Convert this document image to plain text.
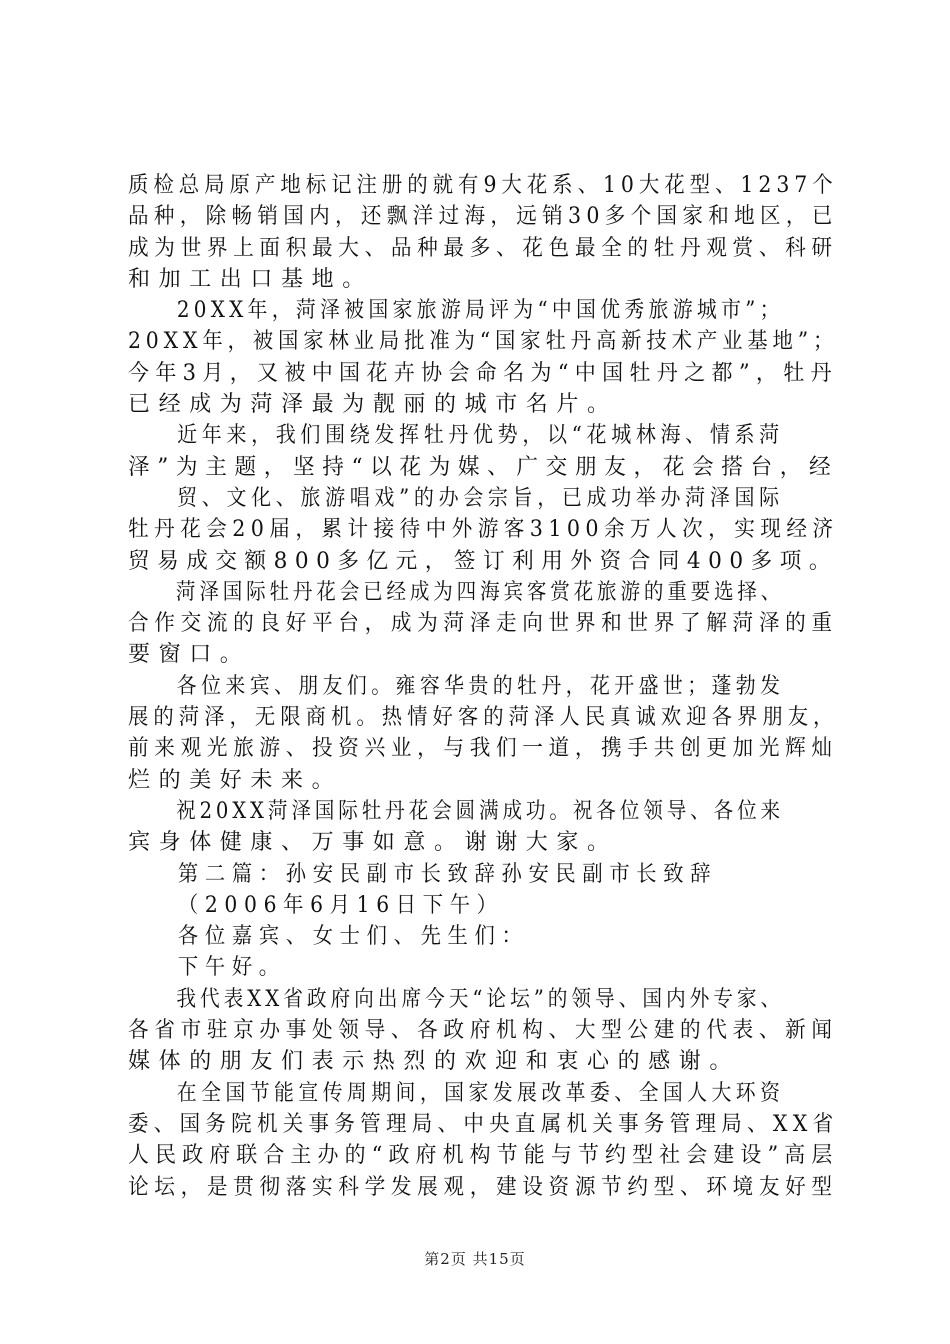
质检总局原产地标记注册的就有9大花系、10大花型、1237个
品种，除畅销国内，还飘洋过海，远销30多个国家和地区，已
成为世界上面积最大、品种最多、花色最全的牡丹观赏、科研
和加工出口基地。
20XX年，菏泽被国家旅游局评为“中国优秀旅游城市”；
20XX年，被国家林业局批准为“国家牡丹高新技术产业基地”；
今年3月，又被中国花卉协会命名为“中国牡丹之都”，牡丹
已经成为菏泽最为靓丽的城市名片。
近年来，我们围绕发挥牡丹优势，以“花城林海、情系菏
泽”为主题，坚持“以花为媒、广交朋友，花会搭台，经
贸、文化、旅游唱戏”的办会宗旨，已成功举办菏泽国际
牡丹花会20届，累计接待中外游客3100余万人次，实现经济
贸易成交额800多亿元，签订利用外资合同400多项。
菏泽国际牡丹花会已经成为四海宾客赏花旅游的重要选择、
合作交流的良好平台，成为菏泽走向世界和世界了解菏泽的重
要窗口。
各位来宾、朋友们。雍容华贵的牡丹，花开盛世；蓬勃发
展的菏泽，无限商机。热情好客的菏泽人民真诚欢迎各界朋友，
前来观光旅游、投资兴业，与我们一道，携手共创更加光辉灿
烂的美好未来。
祝20XX菏泽国际牡丹花会圆满成功。祝各位领导、各位来
宾身体健康、万事如意。谢谢大家。
第二篇：孙安民副市长致辞孙安民副市长致辞
（2006年6月16日下午）
各位嘉宾、女士们、先生们：
下午好。
我代表XX省政府向出席今天“论坛”的领导、国内外专家、
各省市驻京办事处领导、各政府机构、大型公建的代表、新闻
媒体的朋友们表示热烈的欢迎和衷心的感谢。
在全国节能宣传周期间，国家发展改革委、全国人大环资
委、国务院机关事务管理局、中央直属机关事务管理局、XX省
人民政府联合主办的“政府机构节能与节约型社会建设”高层
论坛，是贯彻落实科学发展观，建设资源节约型、环境友好型
第2页 共15页
